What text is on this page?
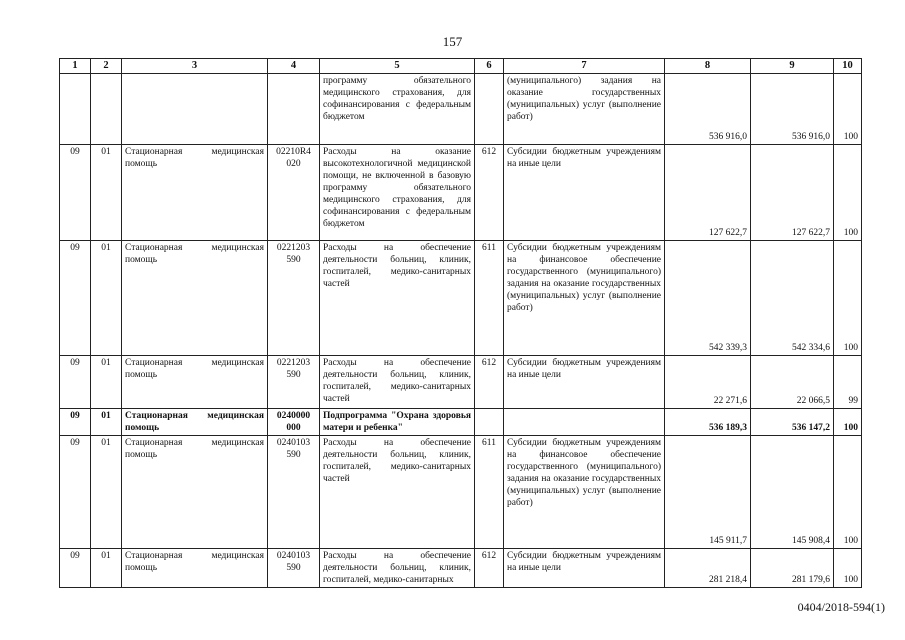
157
1	2	3	4	5	6	7	8	9	10
				программу обязательного медицинского страхования, для софинансирования с федеральным бюджетом		(муниципального) задания на оказание государственных (муниципальных) услуг (выполнение работ)	536 916,0	536 916,0	100
09	01	Стационарная медицинская помощь	02210R4 020	Расходы на оказание высокотехнологичной медицинской помощи, не включенной в базовую программу обязательного медицинского страхования, для софинансирования с федеральным бюджетом	612	Субсидии бюджетным учреждениям на иные цели	127 622,7	127 622,7	100
09	01	Стационарная медицинская помощь	0221203 590	Расходы на обеспечение деятельности больниц, клиник, госпиталей, медико-санитарных частей	611	Субсидии бюджетным учреждениям на финансовое обеспечение государственного (муниципального) задания на оказание государственных (муниципальных) услуг (выполнение работ)	542 339,3	542 334,6	100
09	01	Стационарная медицинская помощь	0221203 590	Расходы на обеспечение деятельности больниц, клиник, госпиталей, медико-санитарных частей	612	Субсидии бюджетным учреждениям на иные цели	22 271,6	22 066,5	99
09	01	Стационарная медицинская помощь	0240000 000	Подпрограмма "Охрана здоровья матери и ребенка"			536 189,3	536 147,2	100
09	01	Стационарная медицинская помощь	0240103 590	Расходы на обеспечение деятельности больниц, клиник, госпиталей, медико-санитарных частей	611	Субсидии бюджетным учреждениям на финансовое обеспечение государственного (муниципального) задания на оказание государственных (муниципальных) услуг (выполнение работ)	145 911,7	145 908,4	100
09	01	Стационарная медицинская помощь	0240103 590	Расходы на обеспечение деятельности больниц, клиник, госпиталей, медико-санитарных	612	Субсидии бюджетным учреждениям на иные цели	281 218,4	281 179,6	100
0404/2018-594(1)
